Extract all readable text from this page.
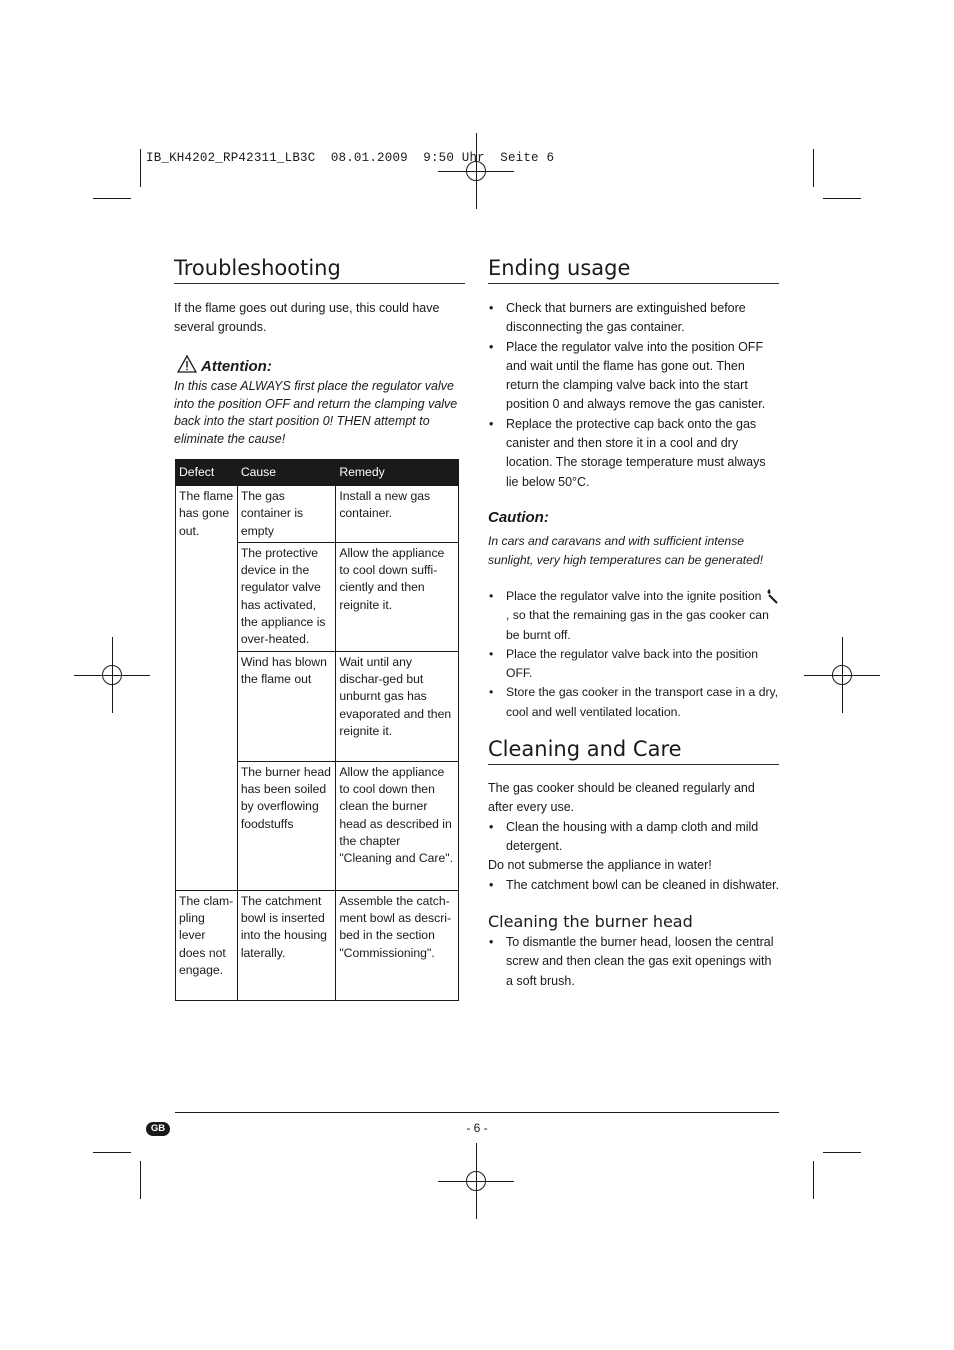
IB_KH4202_RP42311_LB3C  08.01.2009  9:50 Uhr  Seite 6
Troubleshooting

If the flame goes out during use, this could have several grounds.

Attention:
In this case ALWAYS first place the regulator valve
into the position OFF and return the clamping valve
back into the start position 0! THEN attempt to
eliminate the cause!
Defect	Cause	Remedy
The flame has gone out.	The gas container is empty	Install a new gas container.
	The protective device in the regulator valve has activated, the appliance is over-heated.	Allow the appliance to cool down suffi-ciently and then reignite it.
	Wind has blown the flame out	Wait until any dischar-ged but unburnt gas has evaporated and then reignite it.
	The burner head has been soiled by overflowing foodstuffs	Allow the appliance to cool down then clean the burner head as described in the chapter "Cleaning and Care".
The clam-pling lever does not engage.	The catchment bowl is inserted into the housing laterally.	Assemble the catch-ment bowl as descri-bed in the section "Commissioning".
Ending usage
• Check that burners are extinguished before disconnecting the gas container.
• Place the regulator valve into the position OFF and wait until the flame has gone out. Then return the clamping valve back into the start position 0 and always remove the gas canister.
• Replace the protective cap back onto the gas canister and then store it in a cool and dry location. The storage temperature must always lie below 50°C.
Caution:

In cars and caravans and with sufficient intense sunlight, very high temperatures can be generated!

• Place the regulator valve into the ignite position , so that the remaining gas in the gas cooker can be burnt off.
• Place the regulator valve back into the position OFF.
• Store the gas cooker in the transport case in a dry, cool and well ventilated location.
Cleaning and Care

The gas cooker should be cleaned regularly and after every use.

• Clean the housing with a damp cloth and mild detergent.

Do not submerse the appliance in water!

• The catchment bowl can be cleaned in dishwater.
Cleaning the burner head
• To dismantle the burner head, loosen the central screw and then clean the gas exit openings with a soft brush.
GB	- 6 -
